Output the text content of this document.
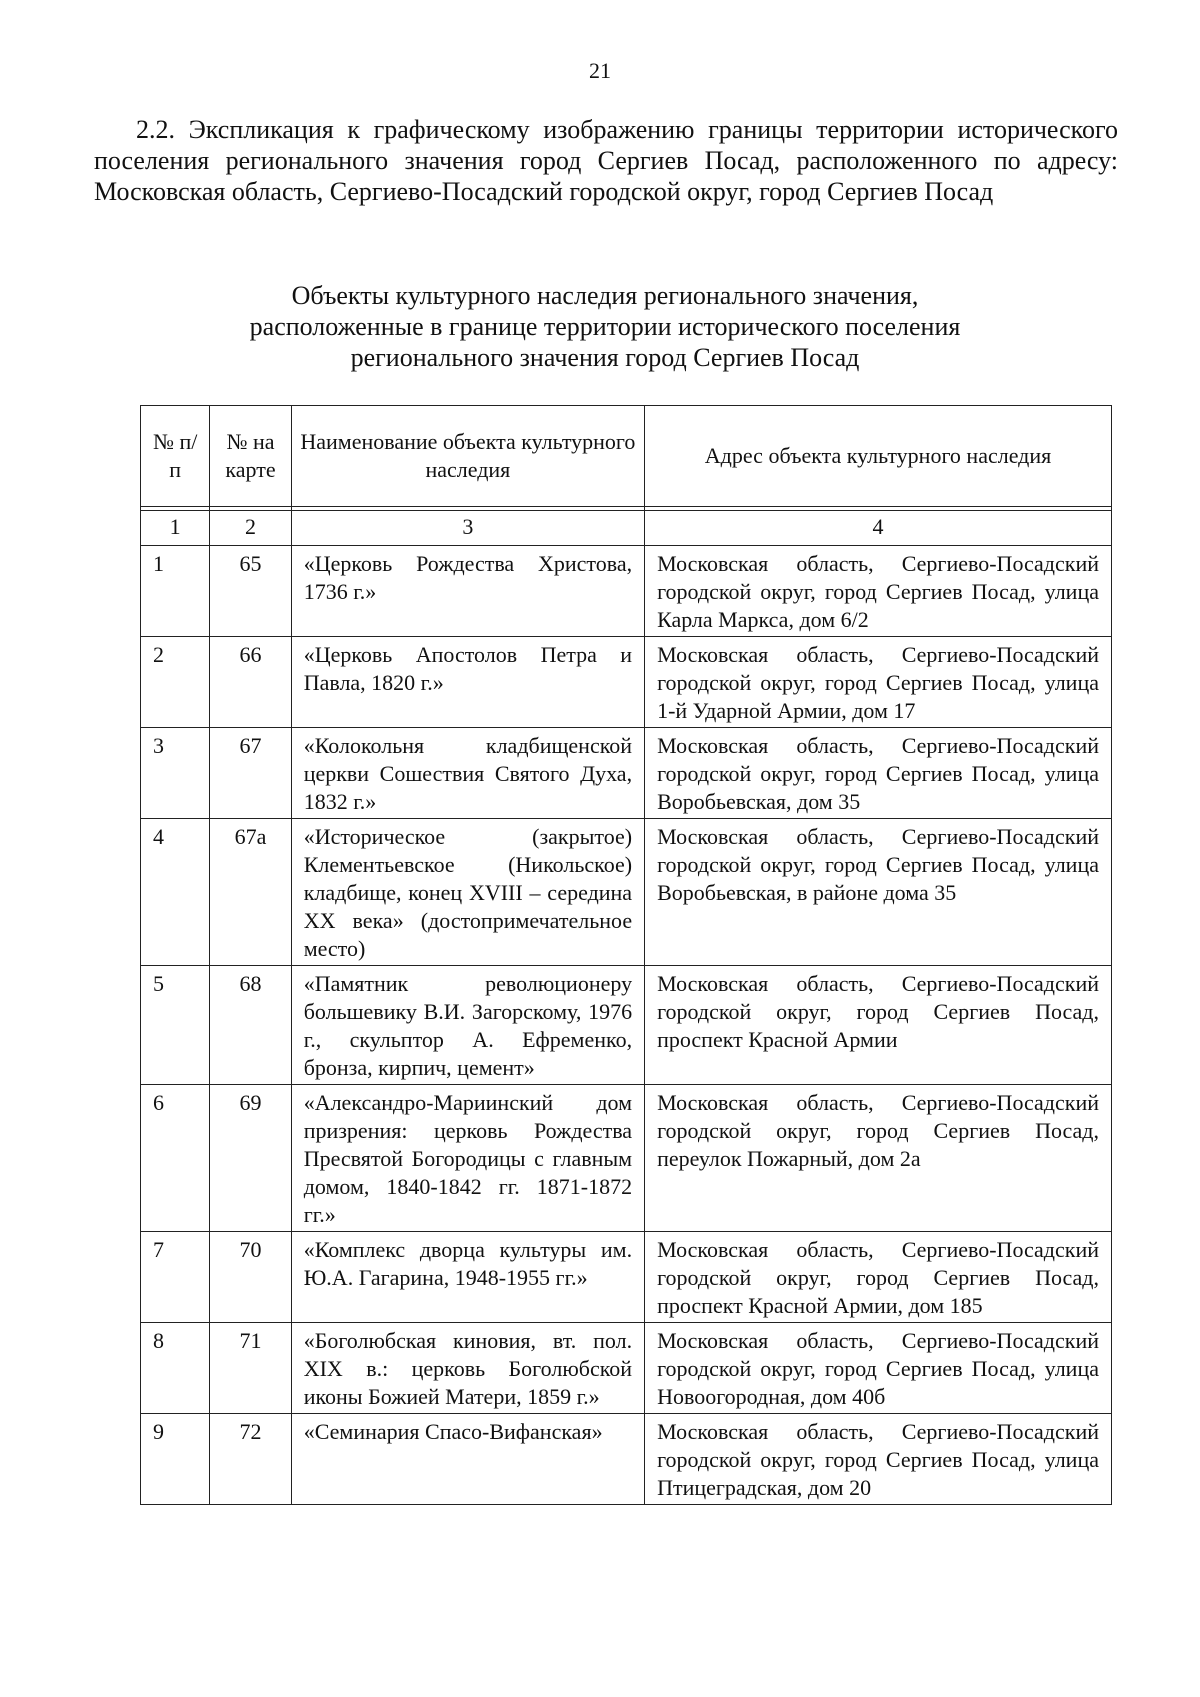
21

2.2. Экспликация к графическому изображению границы территории исторического поселения регионального значения город Сергиев Посад, расположенного по адресу: Московская область, Сергиево-Посадский городской округ, город Сергиев Посад

Объекты культурного наследия регионального значения,
расположенные в границе территории исторического поселения
регионального значения город Сергиев Посад
№ п/п	№ на карте	Наименование объекта культурного наследия	Адрес объекта культурного наследия

1	2	3	4
1	65	«Церковь Рождества Христова, 1736 г.»	Московская область, Сергиево-Посадский городской округ, город Сергиев Посад, улица Карла Маркса, дом 6/2
2	66	«Церковь Апостолов Петра и Павла, 1820 г.»	Московская область, Сергиево-Посадский городской округ, город Сергиев Посад, улица 1-й Ударной Армии, дом 17
3	67	«Колокольня кладбищенской церкви Сошествия Святого Духа, 1832 г.»	Московская область, Сергиево-Посадский городской округ, город Сергиев Посад, улица Воробьевская, дом 35
4	67а	«Историческое (закрытое) Клементьевское (Никольское) кладбище, конец XVIII – середина XX века» (достопримечательное место)	Московская область, Сергиево-Посадский городской округ, город Сергиев Посад, улица Воробьевская, в районе дома 35
5	68	«Памятник революционеру большевику В.И. Загорскому, 1976 г., скульптор А. Ефременко, бронза, кирпич, цемент»	Московская область, Сергиево-Посадский городской округ, город Сергиев Посад, проспект Красной Армии
6	69	«Александро-Мариинский дом призрения: церковь Рождества Пресвятой Богородицы с главным домом, 1840-1842 гг. 1871-1872 гг.»	Московская область, Сергиево-Посадский городской округ, город Сергиев Посад, переулок Пожарный, дом 2а
7	70	«Комплекс дворца культуры им. Ю.А. Гагарина, 1948-1955 гг.»	Московская область, Сергиево-Посадский городской округ, город Сергиев Посад, проспект Красной Армии, дом 185
8	71	«Боголюбская киновия, вт. пол. XIX в.: церковь Боголюбской иконы Божией Матери, 1859 г.»	Московская область, Сергиево-Посадский городской округ, город Сергиев Посад, улица Новоогородная, дом 40б
9	72	«Семинария Спасо-Вифанская»	Московская область, Сергиево-Посадский городской округ, город Сергиев Посад, улица Птицеградская, дом 20
